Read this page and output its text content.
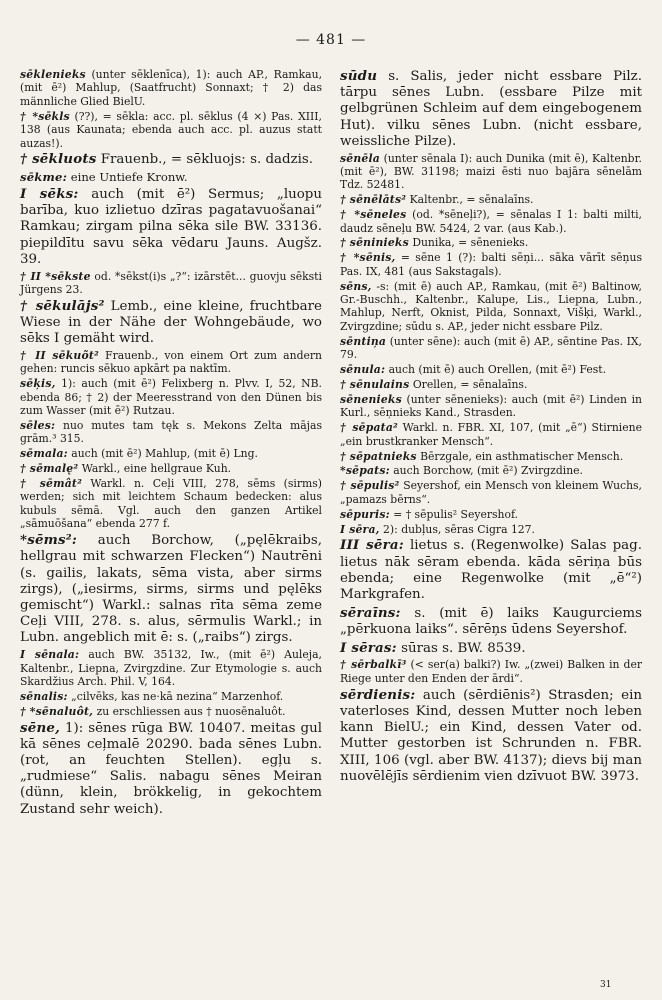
— 481 —

sēklenieks (unter sēklenīca), 1): auch AP., Ramkau, (mit ē²) Mahlup, (Saatfrucht) Sonnaxt; † 2) das männliche Glied BielU.

† *sēkls (??), = sēkla: acc. pl. sēklus (4 ×) Pas. XIII, 138 (aus Kaunata; ebenda auch acc. pl. auzus statt auzas!).

† sēkluots Frauenb., = sēkluojs: s. dadzis.

sēkme: eine Untiefe Kronw.

I sēks: auch (mit ē²) Sermus; „luopu barība, kuo izlietuo dzīras pagatavuošanai“ Ramkau; zirgam pilna sēka sile BW. 33136. piepildītu savu sēka vēdaru Jauns. Augšz. 39.

† II *sēkste od. *sēkst(i)s „?“: izārstēt... guovju sēksti Jürgens 23.

† sēkulājs² Lemb., eine kleine, fruchtbare Wiese in der Nähe der Wohngebäude, wo sēks I gemäht wird.

† II sēkuõt² Frauenb., von einem Ort zum andern gehen: runcis sēkuo apkārt pa naktīm.

sēķis, 1): auch (mit ē²) Felixberg n. Plvv. I, 52, NB. ebenda 86; † 2) der Meeresstrand von den Dünen bis zum Wasser (mit ē²) Rutzau.

sēles: nuo mutes tam tęk s. Mekons Zelta mājas grām.³ 315.

sēmala: auch (mit ē²) Mahlup, (mit ē) Lng.

† sēmalę² Warkl., eine hellgraue Kuh.

† sēmât² Warkl. n. Ceļi VIII, 278, sēms (sirms) werden; sich mit leichtem Schaum bedecken: alus kubuls sēmā. Vgl. auch den ganzen Artikel „sāmuōšana“ ebenda 277 f.

*sēms²: auch Borchow, („pęlēkraibs, hellgrau mit schwarzen Flecken“) Nautrēni (s. gailis, lakats, sēma vista, aber sirms zirgs), („iesirms, sirms, sirms und pęlēks gemischt“) Warkl.: salnas rīta sēma zeme Ceļi VIII, 278. s. alus, sērmulis Warkl.; in Lubn. angeblich mit ē: s. („raibs“) zirgs.

I sēnala: auch BW. 35132, Iw., (mit ē²) Auleja, Kaltenbr., Liepna, Zvirgzdine. Zur Etymologie s. auch Skardžius Arch. Phil. V, 164.

sēnalis: „cilvēks, kas ne·kā nezina“ Marzenhof.

† *sēnaluôt, zu erschliessen aus † nuosēnaluôt.

sēne, 1): sēnes rūga BW. 10407. meitas gul kā sēnes ceļmalē 20290. bada sēnes Lubn. (rot, an feuchten Stellen). egļu s. „rudmiese“ Salis. nabagu sēnes Meiran (dünn, klein, brökkelig, in gekochtem Zustand sehr weich).

sūdu s. Salis, jeder nicht essbare Pilz. tārpu sēnes Lubn. (essbare Pilze mit gelbgrünen Schleim auf dem eingebogenem Hut). vilku sēnes Lubn. (nicht essbare, weissliche Pilze).

sēnēla (unter sēnala I): auch Dunika (mit ē), Kaltenbr. (mit ē²), BW. 31198; maizi ēsti nuo bajāra sēnelām Tdz. 52481.

† sēnēlāts² Kaltenbr., = sēnalaīns.

† *sēneles (od. *sēneļi?), = sēnalas I 1: balti milti, daudz sēneļu BW. 5424, 2 var. (aus Kab.).

† sēninieks Dunika, = sēnenieks.

† *sēnis, = sēne 1 (?): balti sēņi... sāka vārīt sēņus Pas. IX, 481 (aus Sakstagals).

sēns, -s: (mit ē) auch AP., Ramkau, (mit ē²) Baltinow, Gr.-Buschh., Kaltenbr., Kalupe, Lis., Liepna, Lubn., Mahlup, Nerft, Oknist, Pilda, Sonnaxt, Višķi, Warkl., Zvirgzdine; sūdu s. AP., jeder nicht essbare Pilz.

sēntiņa (unter sēne): auch (mit ē) AP., sēntine Pas. IX, 79.

sēnula: auch (mit ē) auch Orellen, (mit ē²) Fest.

† sēnulains Orellen, = sēnalaīns.

sēnenieks (unter sēnenieks): auch (mit ē²) Linden in Kurl., sēņnieks Kand., Strasden.

† sēpata² Warkl. n. FBR. XI, 107, (mit „ē“) Stirniene „ein brustkranker Mensch“.

† sēpatnieks Bērzgale, ein asthmatischer Mensch.

*sēpats: auch Borchow, (mit ē²) Zvirgzdine.

† sēpulis² Seyershof, ein Mensch von kleinem Wuchs, „pamazs bērns“.

sēpuris: = † sēpulis² Seyershof.

I sēra, 2): dubļus, sēras Cigra 127.

III sēra: lietus s. (Regenwolke) Salas pag. lietus nāk sēram ebenda. kāda sēriņa būs ebenda; eine Regenwolke (mit „ē“²) Markgrafen.

sēraīns: s. (mit ē) laiks Kaugurciems „pērkuona laiks“. sērēņs ūdens Seyershof.

I sēras: sūras s. BW. 8539.

† sērbalkī³ (< ser(a) balki?) Iw. „(zwei) Balken in der Riege unter den Enden der ārdi“.

sērdienis: auch (sērdiēnis²) Strasden; ein vaterloses Kind, dessen Mutter noch leben kann BielU.; ein Kind, dessen Vater od. Mutter gestorben ist Schrunden n. FBR. XIII, 106 (vgl. aber BW. 4137); dievs bij man nuovēlējīs sērdienim vien dzīvuot BW. 3973.

31
